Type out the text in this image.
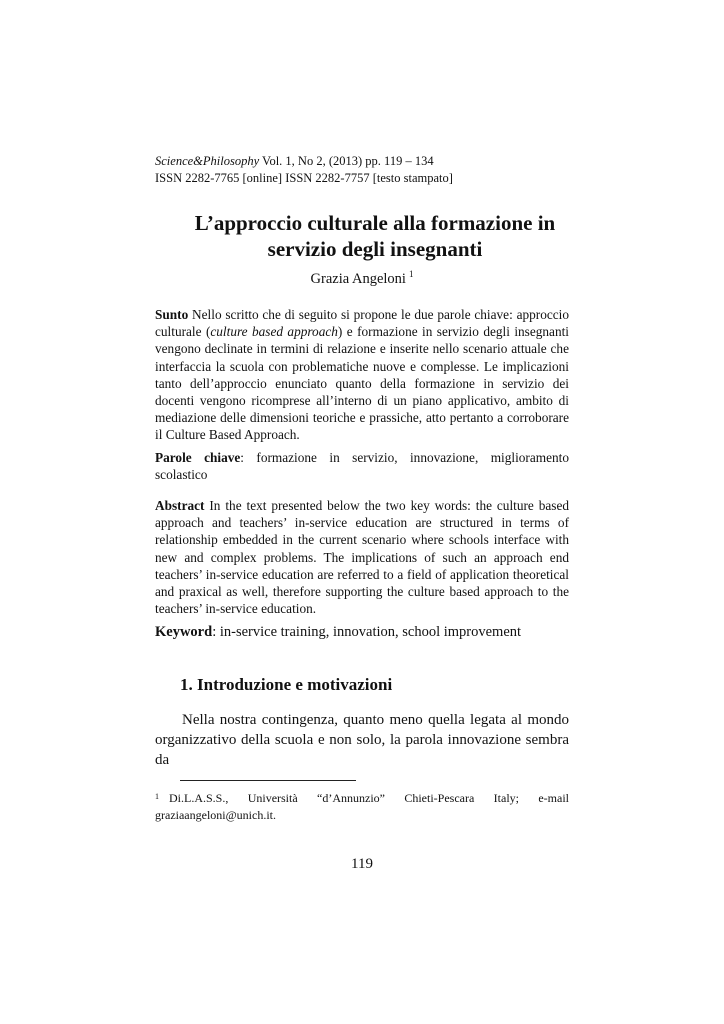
Science&Philosophy Vol. 1, No 2, (2013) pp. 119 – 134
ISSN 2282-7765 [online] ISSN 2282-7757 [testo stampato]
L’approccio culturale alla formazione in
servizio degli insegnanti
Grazia Angeloni $^1$
Sunto Nello scritto che di seguito si propone le due parole chiave: approccio culturale (culture based approach) e formazione in servizio degli insegnanti vengono declinate in termini di relazione e inserite nello scenario attuale che interfaccia la scuola con problematiche nuove e complesse. Le implicazioni tanto dell’approccio enunciato quanto della formazione in servizio dei docenti vengono ricomprese all’interno di un piano applicativo, ambito di mediazione delle dimensioni teoriche e prassiche, atto pertanto a corroborare il Culture Based Approach.
Parole chiave: formazione in servizio, innovazione, miglioramento scolastico
Abstract In the text presented below the two key words: the culture based approach and teachers’ in-service education are structured in terms of relationship embedded in the current scenario where schools interface with new and complex problems. The implications of such an approach end teachers’ in-service education are referred to a field of application theoretical and praxical as well, therefore supporting the culture based approach to the teachers’ in-service education.
Keyword: in-service training, innovation, school improvement
1. Introduzione e motivazioni
Nella nostra contingenza, quanto meno quella legata al mondo organizzativo della scuola e non solo, la parola innovazione sembra da
$^1$ Di.L.A.S.S., Università “d’Annunzio” Chieti-Pescara Italy; e-mail
graziaangeloni@unich.it.
119
